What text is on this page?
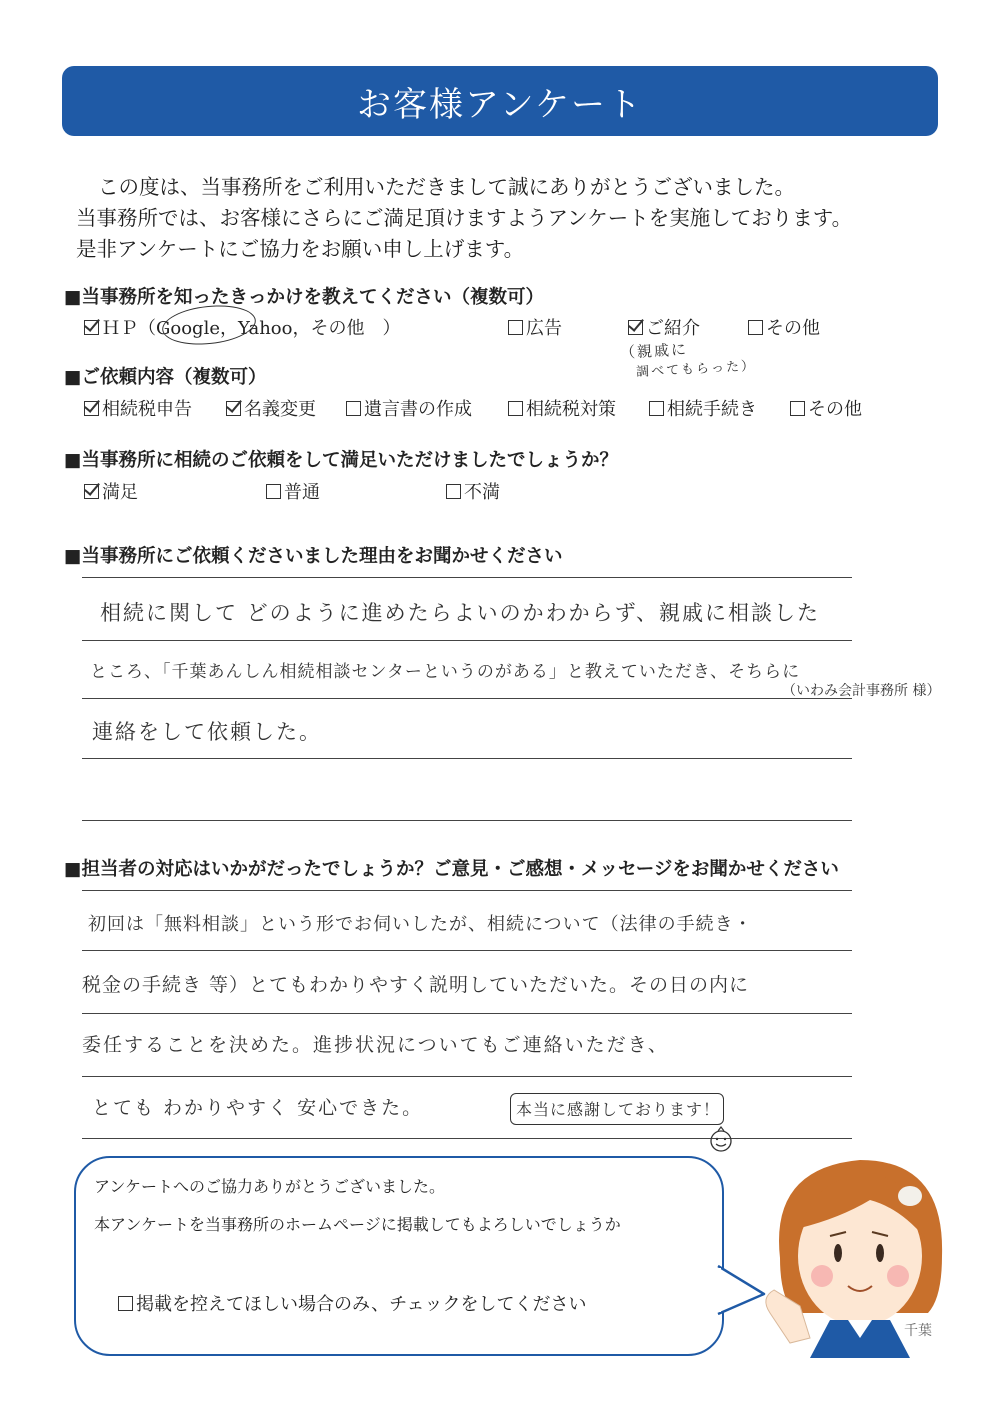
お客様アンケート
この度は、当事務所をご利用いただきまして誠にありがとうございました。
当事務所では、お客様にさらにご満足頂けますようアンケートを実施しております。
是非アンケートにご協力をお願い申し上げます。
■当事務所を知ったきっかけを教えてください（複数可）
ＨＰ（Google，Yahoo，その他　）	広告	ご紹介	その他
（親戚に
調べてもらった）
■ご依頼内容（複数可）
相続税申告	名義変更	遺言書の作成	相続税対策	相続手続き	その他
■当事務所に相続のご依頼をして満足いただけましたでしょうか？
満足	普通	不満
■当事務所にご依頼くださいました理由をお聞かせください
相続に関して どのように進めたらよいのかわからず、親戚に相談した
ところ、「千葉あんしん相続相談センターというのがある」と教えていただき、そちらに
（いわみ会計事務所 様）
連絡をして依頼した。
■担当者の対応はいかがだったでしょうか？ご意見・ご感想・メッセージをお聞かせください
初回は「無料相談」という形でお伺いしたが、相続について（法律の手続き・
税金の手続き 等）とてもわかりやすく説明していただいた。その日の内に
委任することを決めた。進捗状況についてもご連絡いただき、
とても わかりやすく 安心できた。	本当に感謝しております！
アンケートへのご協力ありがとうございました。
本アンケートを当事務所のホームページに掲載してもよろしいでしょうか
掲載を控えてほしい場合のみ、チェックをしてください
千葉
